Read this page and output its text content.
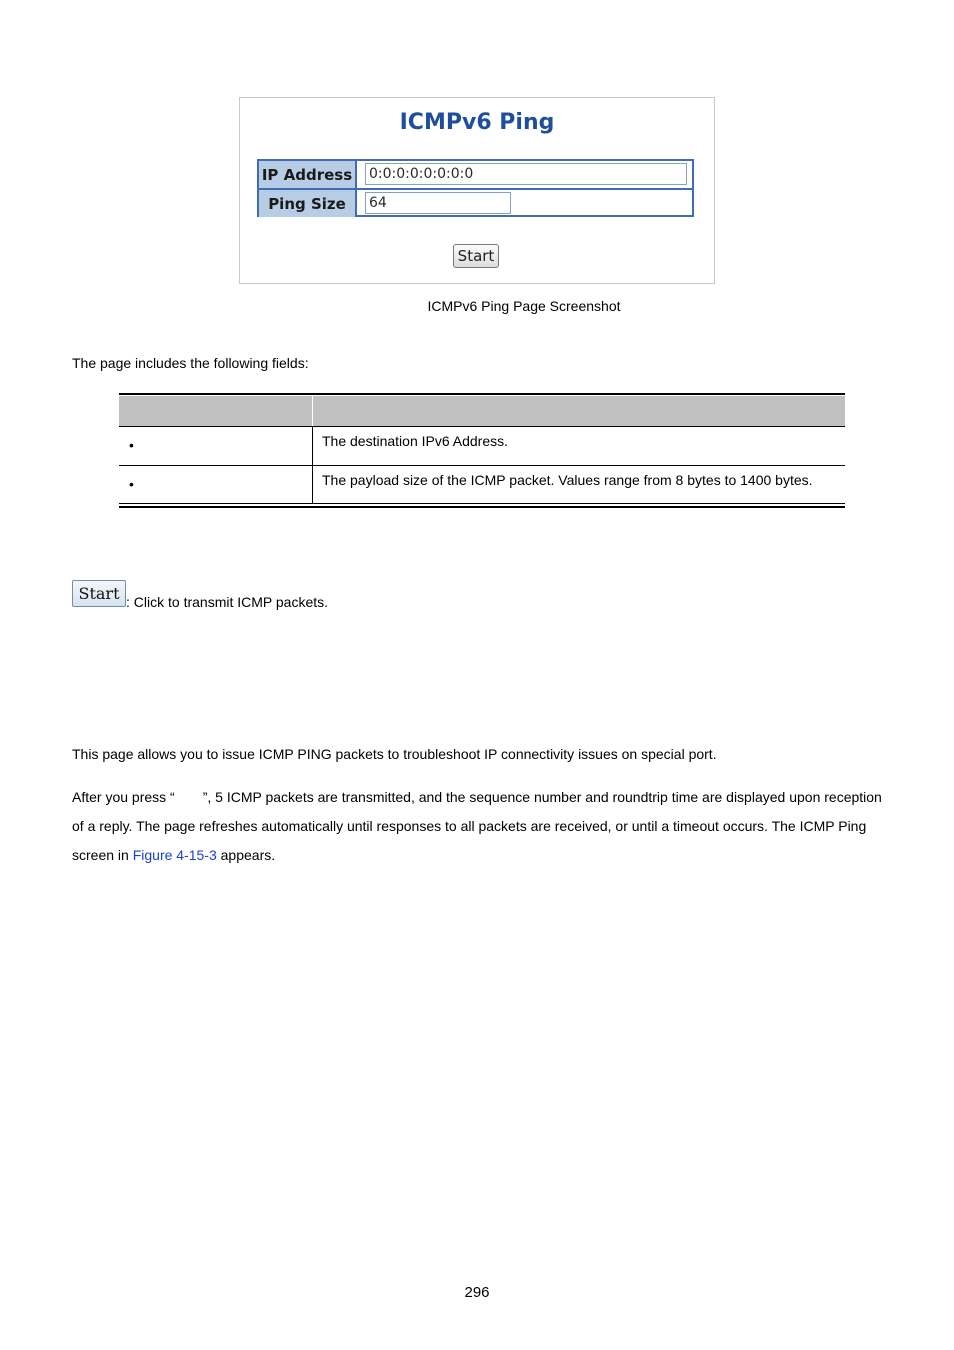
ICMPv6 Ping
IP Address	0:0:0:0:0:0:0:0
Ping Size	64
Start
ICMPv6 Ping Page Screenshot
The page includes the following fields:
•	The destination IPv6 Address.
•	The payload size of the ICMP packet. Values range from 8 bytes to 1400 bytes.
Start : Click to transmit ICMP packets.
This page allows you to issue ICMP PING packets to troubleshoot IP connectivity issues on special port.
After you press “ ”, 5 ICMP packets are transmitted, and the sequence number and roundtrip time are displayed upon reception of a reply. The page refreshes automatically until responses to all packets are received, or until a timeout occurs. The ICMP Ping screen in Figure 4-15-3 appears.
296
